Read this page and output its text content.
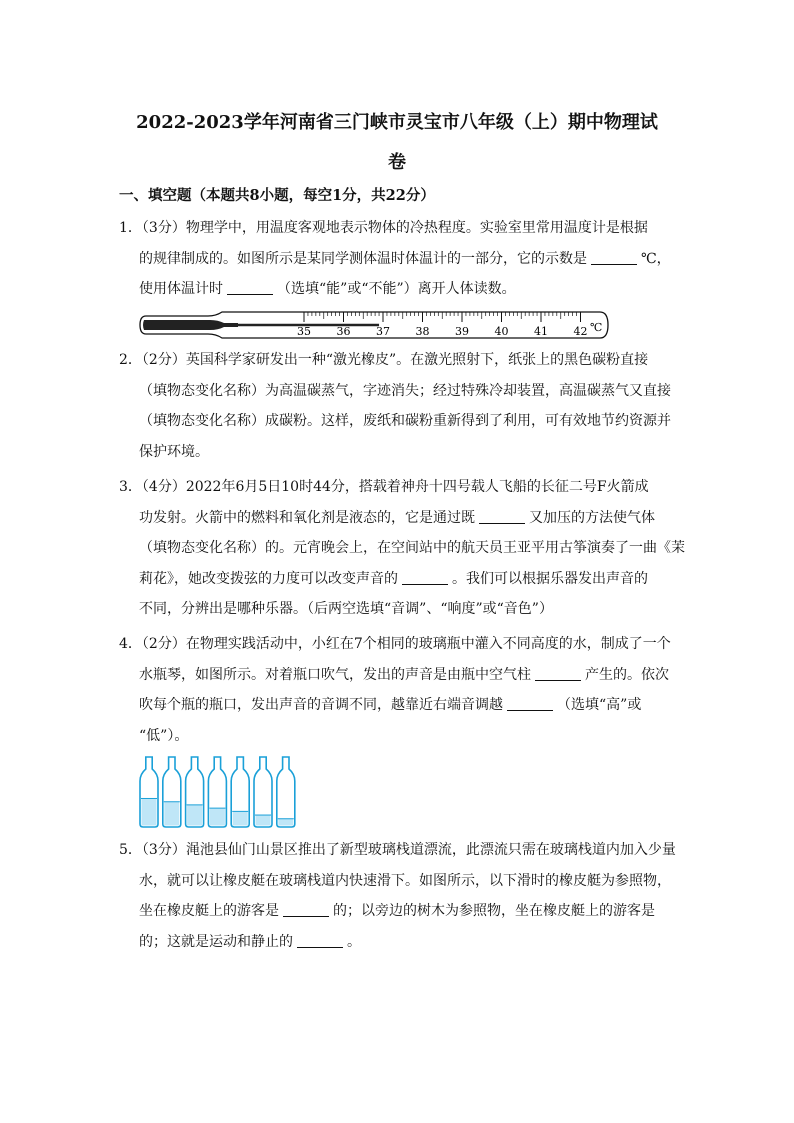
2022-2023学年河南省三门峡市灵宝市八年级（上）期中物理试
卷
一、填空题（本题共8小题，每空1分，共22分）
1．（3分）物理学中，用温度客观地表示物体的冷热程度。实验室里常用温度计是根据
的规律制成的。如图所示是某同学测体温时体温计的一部分，它的示数是	℃，
使用体温计时	（选填“能”或“不能”）离开人体读数。
35 36 37 38 39 40 41 42 ℃
2．（2分）英国科学家研发出一种“激光橡皮”。在激光照射下，纸张上的黑色碳粉直接
（填物态变化名称）为高温碳蒸气，字迹消失；经过特殊冷却装置，高温碳蒸气又直接
（填物态变化名称）成碳粉。这样，废纸和碳粉重新得到了利用，可有效地节约资源并
保护环境。
3．（4分）2022年6月5日10时44分，搭载着神舟十四号载人飞船的长征二号F火箭成
功发射。火箭中的燃料和氧化剂是液态的，它是通过既	又加压的方法使气体
（填物态变化名称）的。元宵晚会上，在空间站中的航天员王亚平用古筝演奏了一曲《茉
莉花》，她改变拨弦的力度可以改变声音的	。我们可以根据乐器发出声音的
不同，分辨出是哪种乐器。（后两空选填“音调”、“响度”或“音色”）
4．（2分）在物理实践活动中，小红在7个相同的玻璃瓶中灌入不同高度的水，制成了一个
水瓶琴，如图所示。对着瓶口吹气，发出的声音是由瓶中空气柱	产生的。依次
吹每个瓶的瓶口，发出声音的音调不同，越靠近右端音调越	（选填“高”或
“低”）。
5．（3分）渑池县仙门山景区推出了新型玻璃栈道漂流，此漂流只需在玻璃栈道内加入少量
水，就可以让橡皮艇在玻璃栈道内快速滑下。如图所示，以下滑时的橡皮艇为参照物，
坐在橡皮艇上的游客是	的；以旁边的树木为参照物，坐在橡皮艇上的游客是
的；这就是运动和静止的	。
